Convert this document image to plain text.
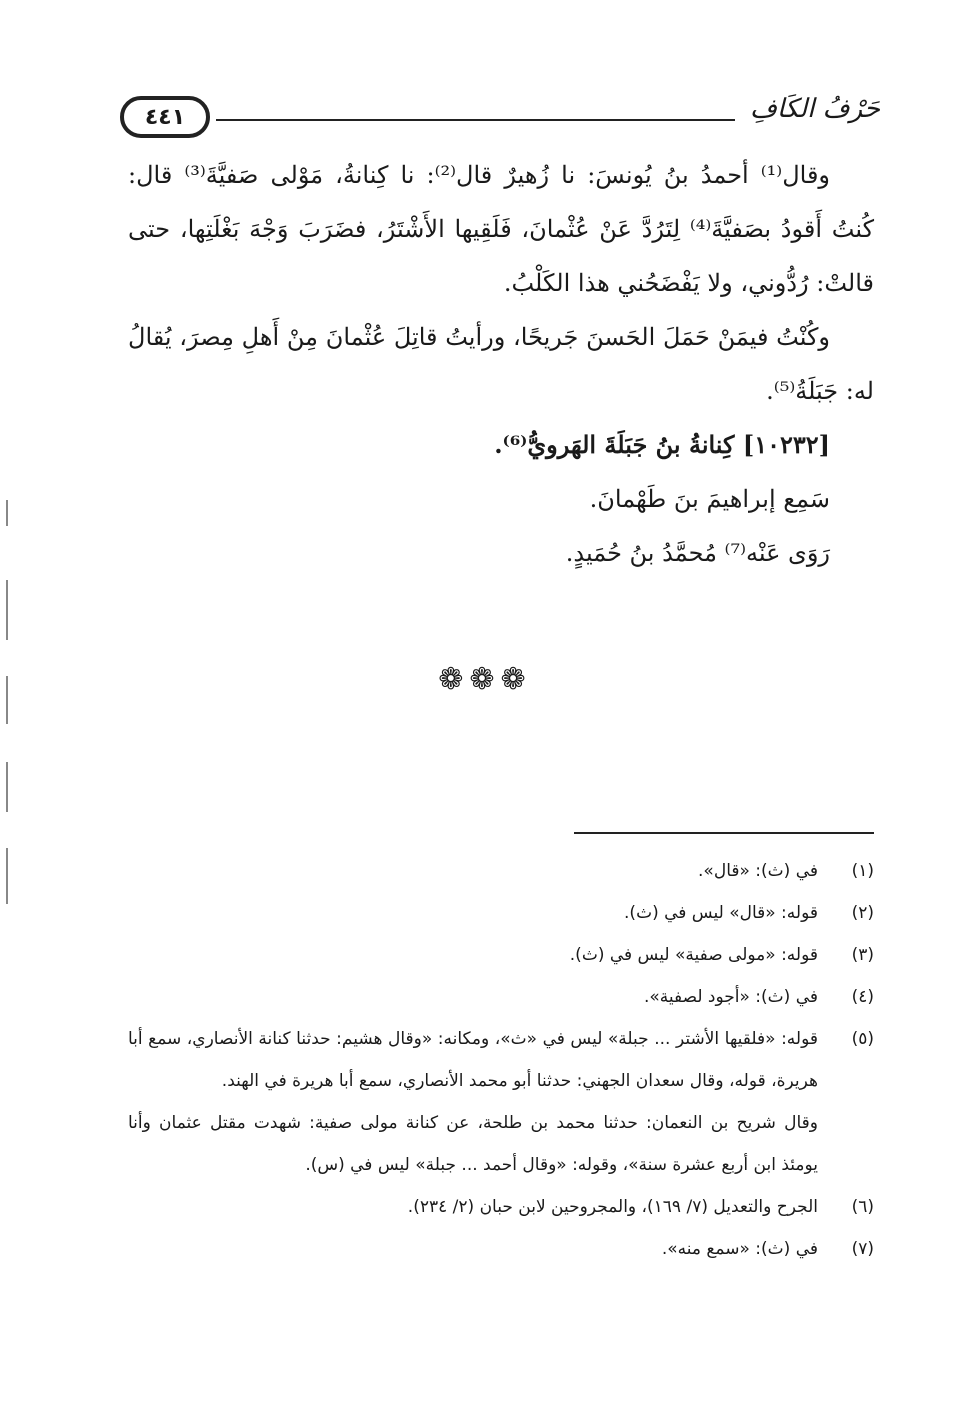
٤٤١	حَرْفُ الكَافِ

وقال⁽¹⁾ أحمدُ بنُ يُونسَ: نا زُهيرٌ قال⁽²⁾: نا كِنانةُ، مَوْلى صَفيَّةَ⁽³⁾ قال: كُنتُ أَقودُ بصَفيَّةَ⁽⁴⁾ لِتَرُدَّ عَنْ عُثْمانَ، فَلَقِيها الأَشْتَرُ، فضَرَبَ وَجْهَ بَغْلَتِها، حتى قالتْ: رُدُّوني، ولا يَفْضَحُني هذا الكَلْبُ.

وكُنْتُ فيمَنْ حَمَلَ الحَسنَ جَريحًا، ورأيتُ قاتِلَ عُثْمانَ مِنْ أَهلِ مِصرَ، يُقالُ له: جَبَلَةُ⁽⁵⁾.

[١٠٢٣٢] كِنانةُ بنُ جَبَلَةَ الهَرويُّ⁽⁶⁾.

سَمِع إبراهيمَ بنَ طَهْمانَ.

رَوَى عَنْه⁽⁷⁾ مُحمَّدُ بنُ حُمَيدٍ.

❁❁❁
(١)

في (ث): «قال».

(٢)

قوله: «قال» ليس في (ث).

(٣)

قوله: «مولى صفية» ليس في (ث).

(٤)

في (ث): «أجود لصفية».

(٥)

قوله: «فلقيها الأشتر ... جبلة» ليس في «ث»، ومكانه: «وقال هشيم: حدثنا كنانة الأنصاري، سمع أبا هريرة، قوله، وقال سعدان الجهني: حدثنا أبو محمد الأنصاري، سمع أبا هريرة في الهند.

وقال شريح بن النعمان: حدثنا محمد بن طلحة، عن كنانة مولى صفية: شهدت مقتل عثمان وأنا يومئذ ابن أربع عشرة سنة»، وقوله: «وقال أحمد ... جبلة» ليس في (س).

(٦)

الجرح والتعديل (٧/ ١٦٩)، والمجروحين لابن حبان (٢/ ٢٣٤).

(٧)

في (ث): «سمع منه».
